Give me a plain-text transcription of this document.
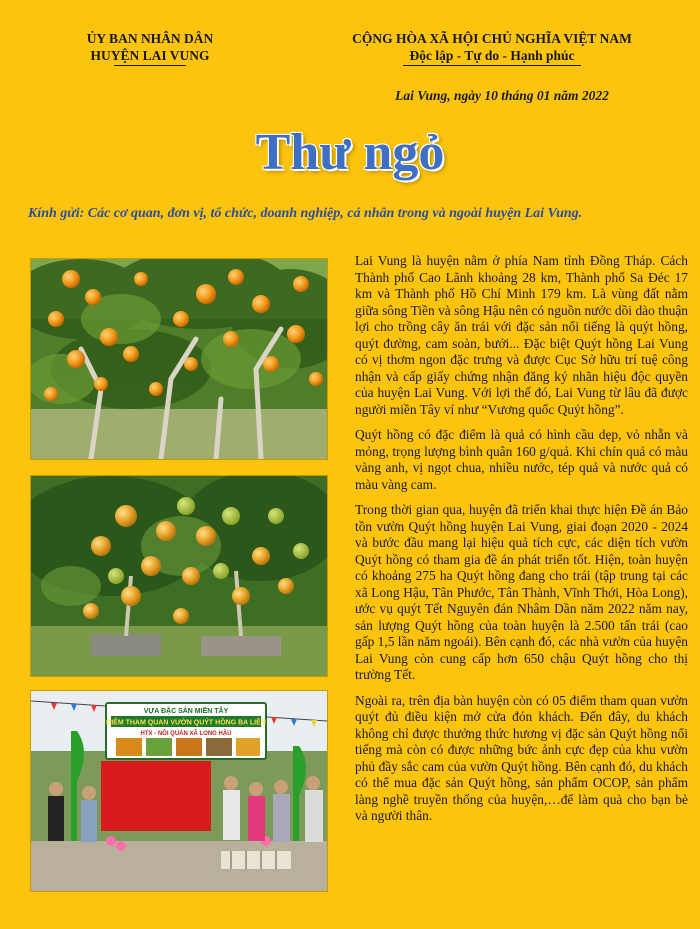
ỦY BAN NHÂN DÂN
HUYỆN LAI VUNG
CỘNG HÒA XÃ HỘI CHỦ NGHĨA VIỆT NAM
Độc lập - Tự do - Hạnh phúc
Lai Vung, ngày 10 tháng 01 năm 2022
Thư ngỏ
Kính gửi: Các cơ quan, đơn vị, tổ chức, doanh nghiệp, cá nhân trong và ngoài huyện Lai Vung.
VỰA ĐẶC SẢN MIỀN TÂY
ĐIỂM THAM QUAN VƯỜN QUÝT HỒNG BA LIÊN
HTX - NÔI QUÁN XÃ LONG HẬU

Lai Vung là huyện nằm ở phía Nam tỉnh Đồng Tháp. Cách Thành phố Cao Lãnh khoảng 28 km, Thành phố Sa Đéc 17 km và Thành phố Hồ Chí Minh 179 km. Là vùng đất nằm giữa sông Tiền và sông Hậu nên có nguồn nước dồi dào thuận lợi cho trồng cây ăn trái với đặc sản nổi tiếng là quýt hồng, quýt đường, cam soàn, bưởi... Đặc biệt Quýt hồng Lai Vung có vị thơm ngon đặc trưng và được Cục Sở hữu trí tuệ công nhận và cấp giấy chứng nhận đăng ký nhãn hiệu độc quyền của huyện Lai Vung. Với lợi thế đó, Lai Vung từ lâu đã được người miền Tây ví như “Vương quốc Quýt hồng”.

Quýt hồng có đặc điểm là quả có hình cầu dẹp, vỏ nhẵn và mỏng, trọng lượng bình quân 160 g/quả. Khi chín quả có màu vàng anh, vị ngọt chua, nhiều nước, tép quả và nước quả có màu vàng cam.

Trong thời gian qua, huyện đã triển khai thực hiện Đề án Bảo tồn vườn Quýt hồng huyện Lai Vung, giai đoạn 2020 - 2024 và bước đầu mang lại hiệu quả tích cực, các diện tích vườn Quýt hồng có tham gia đề án phát triển tốt. Hiện, toàn huyện có khoảng 275 ha Quýt hồng đang cho trái (tập trung tại các xã Long Hậu, Tân Phước, Tân Thành, Vĩnh Thới, Hòa Long), ước vụ quýt Tết Nguyên đán Nhâm Dần năm 2022 năm nay, sản lượng Quýt hồng của toàn huyện là 2.500 tấn trái (cao gấp 1,5 lần năm ngoái). Bên cạnh đó, các nhà vườn của huyện Lai Vung còn cung cấp hơn 650 chậu Quýt hồng cho thị trường Tết.

Ngoài ra, trên địa bàn huyện còn có 05 điểm tham quan vườn quýt đủ điều kiện mở cửa đón khách. Đến đây, du khách không chỉ được thưởng thức hương vị đặc sản Quýt hồng nổi tiếng mà còn có được những bức ảnh cực đẹp của khu vườn phủ đầy sắc cam của vườn Quýt hồng. Bên cạnh đó, du khách có thể mua đặc sản Quýt hồng, sản phẩm OCOP, sản phẩm làng nghề truyền thống của huyện,…để làm quà cho bạn bè và người thân.
